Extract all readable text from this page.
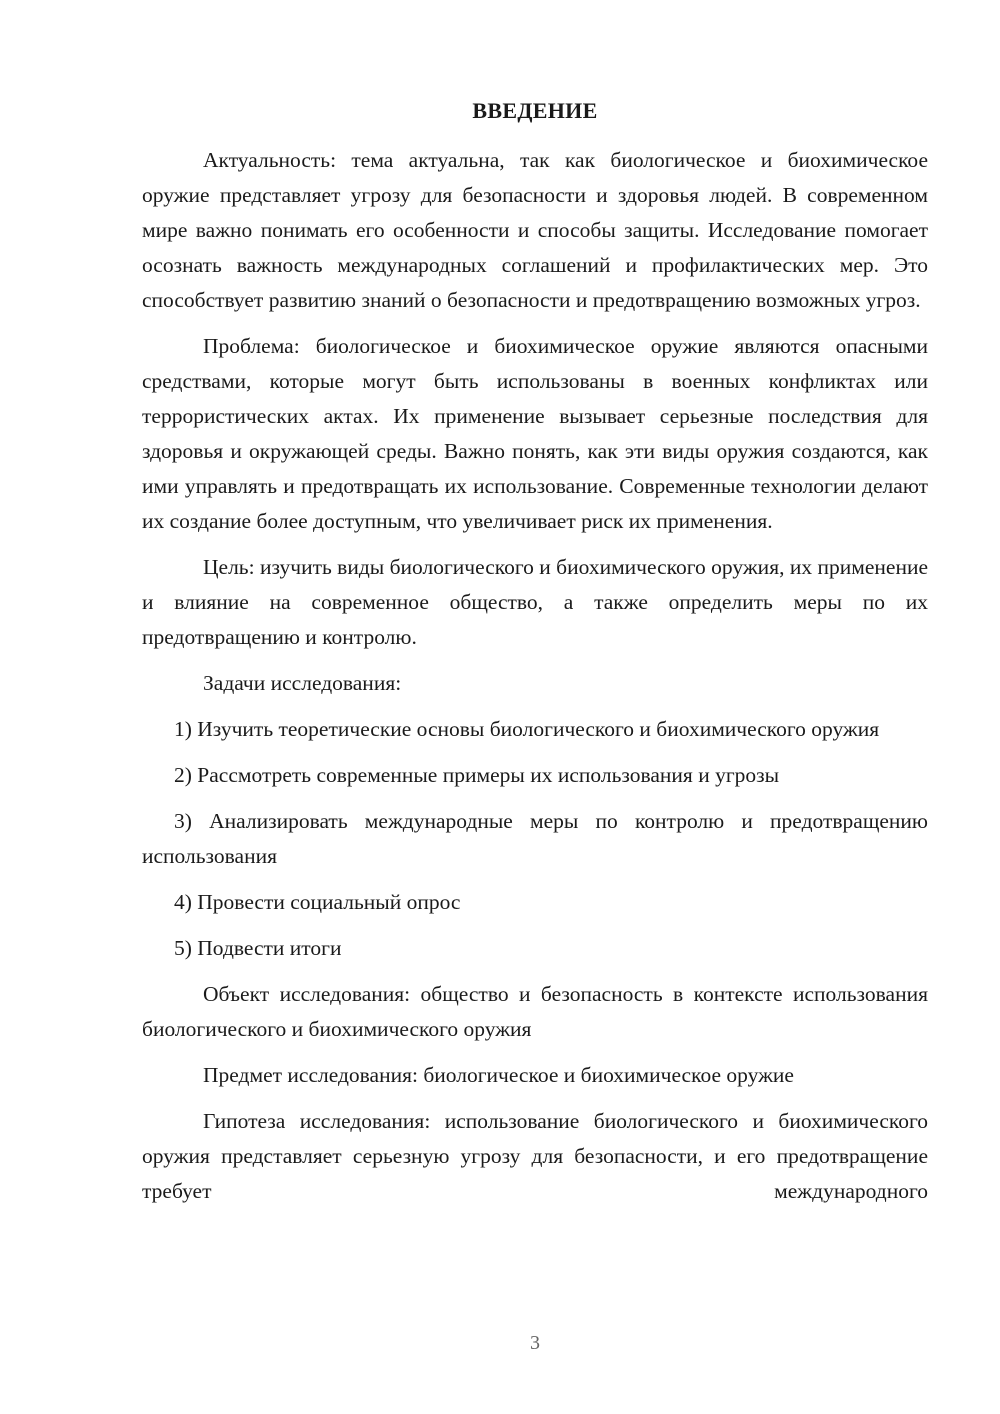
ВВЕДЕНИЕ

Актуальность: тема актуальна, так как биологическое и биохимическое оружие представляет угрозу для безопасности и здоровья людей. В современном мире важно понимать его особенности и способы защиты. Исследование помогает осознать важность международных соглашений и профилактических мер. Это способствует развитию знаний о безопасности и предотвращению возможных угроз.

Проблема: биологическое и биохимическое оружие являются опасными средствами, которые могут быть использованы в военных конфликтах или террористических актах. Их применение вызывает серьезные последствия для здоровья и окружающей среды. Важно понять, как эти виды оружия создаются, как ими управлять и предотвращать их использование. Современные технологии делают их создание более доступным, что увеличивает риск их применения.

Цель: изучить виды биологического и биохимического оружия, их применение и влияние на современное общество, а также определить меры по их предотвращению и контролю.

Задачи исследования:

1) Изучить теоретические основы биологического и биохимического оружия

2) Рассмотреть современные примеры их использования и угрозы

3) Анализировать международные меры по контролю и предотвращению использования

4) Провести социальный опрос

5) Подвести итоги

Объект исследования: общество и безопасность в контексте использования биологического и биохимического оружия

Предмет исследования: биологическое и биохимическое оружие

Гипотеза исследования: использование биологического и биохимического оружия представляет серьезную угрозу для безопасности, и его предотвращение требует международного

3
